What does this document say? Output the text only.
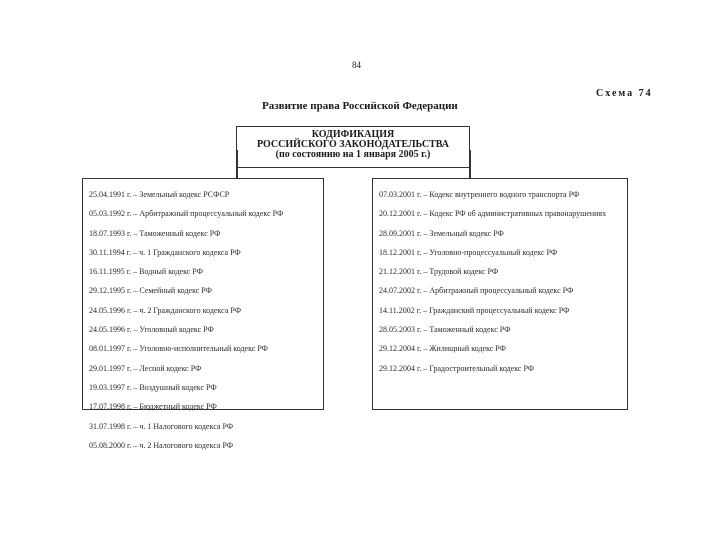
84
Схема 74
Развитие права Российской Федерации
КОДИФИКАЦИЯ
РОССИЙСКОГО ЗАКОНОДАТЕЛЬСТВА
(по состоянию на 1 января 2005 г.)
25.04.1991 г. – Земельный кодекс РСФСР
05.03.1992 г. – Арбитражный процессуальный кодекс РФ
18.07.1993 г. – Таможенный кодекс РФ
30.11.1994 г. – ч. 1 Гражданского кодекса РФ
16.11.1995 г. – Водный кодекс РФ
29.12.1995 г. – Семейный кодекс РФ
24.05.1996 г. – ч. 2 Гражданского кодекса РФ
24.05.1996 г. – Уголовный кодекс РФ
08.01.1997 г. – Уголовно-исполнительный кодекс РФ
29.01.1997 г. – Лесной кодекс РФ
19.03.1997 г. – Воздушный кодекс РФ
17.07.1998 г. – Бюджетный кодекс РФ
31.07.1998 г. – ч. 1 Налогового кодекса РФ
05.08.2000 г. – ч. 2 Налогового кодекса РФ
07.03.2001 г. – Кодекс внутреннего водного транспорта РФ
20.12.2001 г. – Кодекс РФ об административных правонарушениях
28.09.2001 г. – Земельный кодекс РФ
18.12.2001 г. – Уголовно-процессуальный кодекс РФ
21.12.2001 г. – Трудовой кодекс РФ
24.07.2002 г. – Арбитражный процессуальный кодекс РФ
14.11.2002 г. – Гражданский процессуальный кодекс РФ
28.05.2003 г. – Таможенный кодекс РФ
29.12.2004 г. – Жилищный кодекс РФ
29.12.2004 г. – Градостроительный кодекс РФ
